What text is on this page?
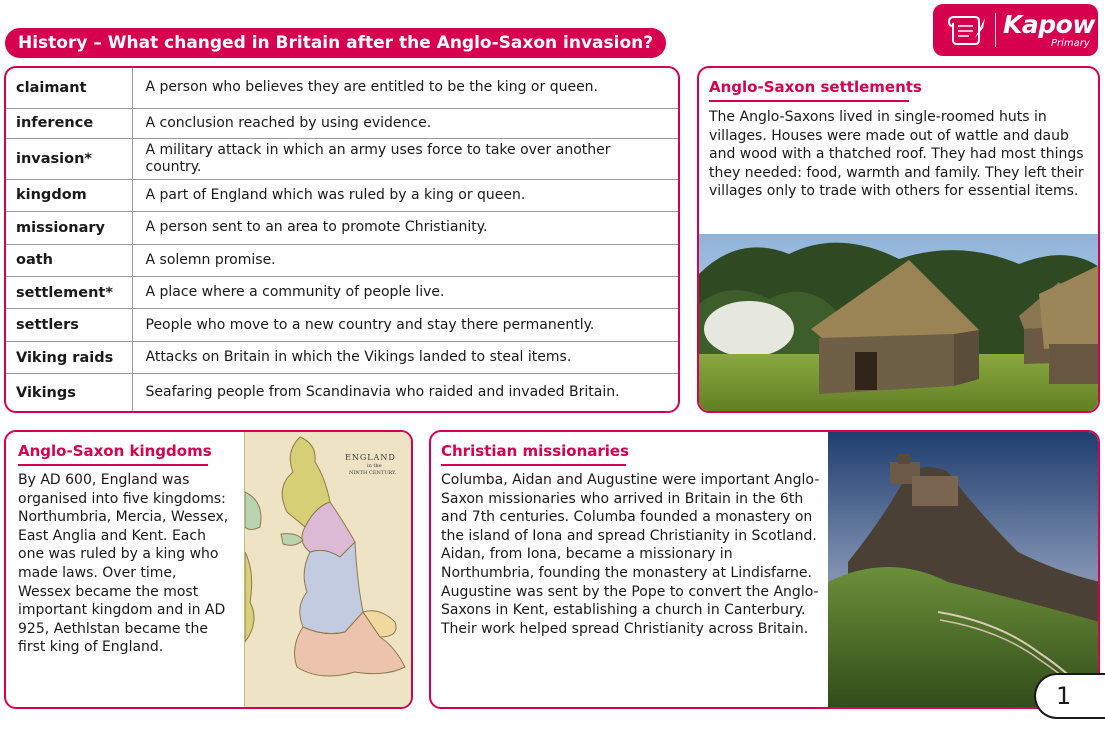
History – What changed in Britain after the Anglo-Saxon invasion?
Kapow
Primary
claimant	A person who believes they are entitled to be the king or queen.
inference	A conclusion reached by using evidence.
invasion*	A military attack in which an army uses force to take over another country.
kingdom	A part of England which was ruled by a king or queen.
missionary	A person sent to an area to promote Christianity.
oath	A solemn promise.
settlement*	A place where a community of people live.
settlers	People who move to a new country and stay there permanently.
Viking raids	Attacks on Britain in which the Vikings landed to steal items.
Vikings	Seafaring people from Scandinavia who raided and invaded Britain.
Anglo-Saxon settlements
The Anglo-Saxons lived in single-roomed huts in villages. Houses were made out of wattle and daub and wood with a thatched roof. They had most things they needed: food, warmth and family. They left their villages only to trade with others for essential items.
Anglo-Saxon kingdoms
By AD 600, England was organised into five kingdoms: Northumbria, Mercia, Wessex, East Anglia and Kent. Each one was ruled by a king who made laws. Over time, Wessex became the most important kingdom and in AD 925, Aethlstan became the first king of England.
ENGLAND
in the
NINTH CENTURY.
Christian missionaries
Columba, Aidan and Augustine were important Anglo-Saxon missionaries who arrived in Britain in the 6th and 7th centuries. Columba founded a monastery on the island of Iona and spread Christianity in Scotland. Aidan, from Iona, became a missionary in Northumbria, founding the monastery at Lindisfarne. Augustine was sent by the Pope to convert the Anglo-Saxons in Kent, establishing a church in Canterbury. Their work helped spread Christianity across Britain.
1
